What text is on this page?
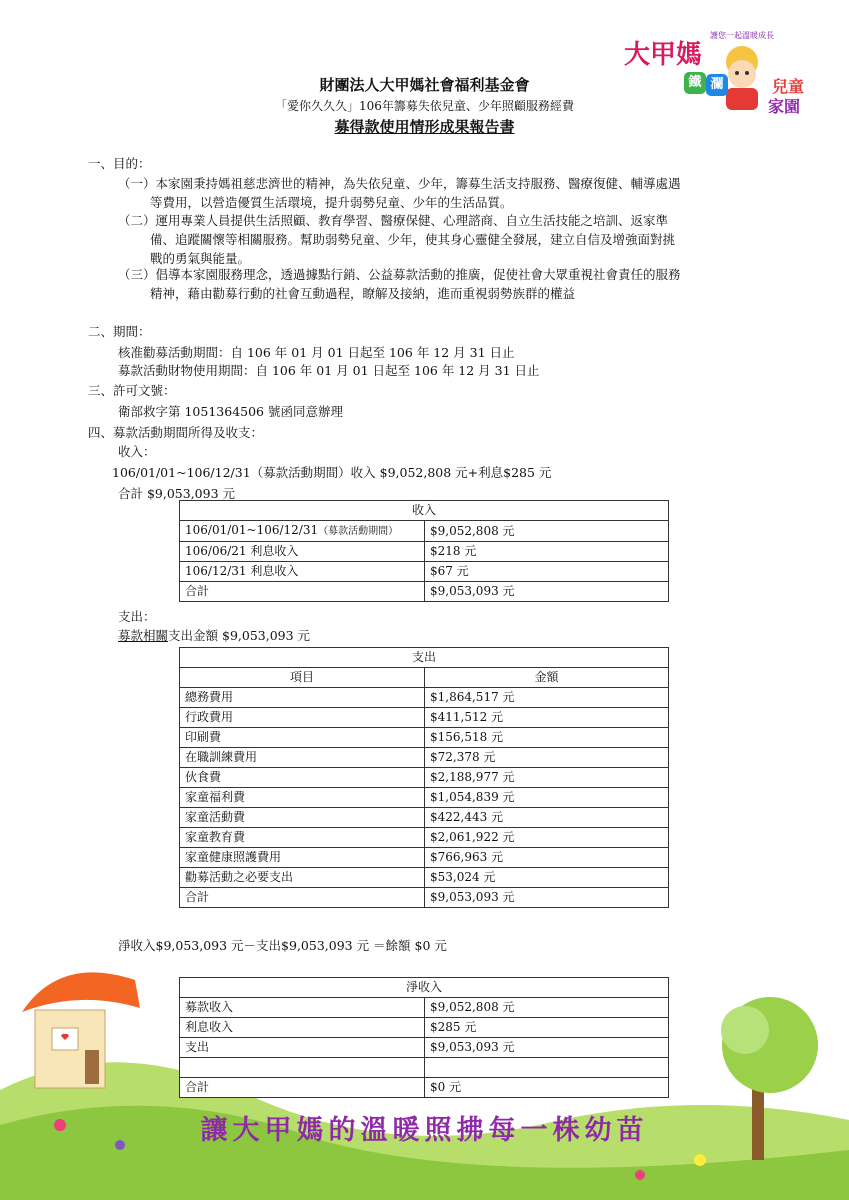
大甲媽
護您一起溫暖成長
鐵 瀾	兒童
家園
財團法人大甲媽社會福利基金會
「愛你久久久」106年籌募失依兒童、少年照顧服務經費
募得款使用情形成果報告書
一、目的：
（一）本家園秉持媽祖慈悲濟世的精神，為失依兒童、少年，籌募生活支持服務、醫療復健、輔導處遇
等費用，以營造優質生活環境，提升弱勢兒童、少年的生活品質。
（二）運用專業人員提供生活照顧、教育學習、醫療保健、心理諮商、自立生活技能之培訓、返家準
備、追蹤關懷等相關服務。幫助弱勢兒童、少年，使其身心靈健全發展，建立自信及增強面對挑
戰的勇氣與能量。
（三）倡導本家園服務理念，透過據點行銷、公益募款活動的推廣，促使社會大眾重視社會責任的服務
精神，藉由勸募行動的社會互動過程，瞭解及接納，進而重視弱勢族群的權益
二、期間：
核准勸募活動期間：自 106 年 01 月 01 日起至 106 年 12 月 31 日止
募款活動財物使用期間：自 106 年 01 月 01 日起至 106 年 12 月 31 日止
三、許可文號：
衛部救字第 1051364506 號函同意辦理
四、募款活動期間所得及收支：
收入：
106/01/01~106/12/31（募款活動期間）收入 $9,052,808 元+利息$285 元
合計 $9,053,093 元
收入	
106/01/01~106/12/31（募款活動期間）	$9,052,808 元
106/06/21 利息收入	$218 元
106/12/31 利息收入	$67 元
合計	$9,053,093 元
支出：
募款相關支出金額 $9,053,093 元
支出	
項目	金額
總務費用	$1,864,517 元
行政費用	$411,512 元
印刷費	$156,518 元
在職訓練費用	$72,378 元
伙食費	$2,188,977 元
家童福利費	$1,054,839 元
家童活動費	$422,443 元
家童教育費	$2,061,922 元
家童健康照護費用	$766,963 元
勸募活動之必要支出	$53,024 元
合計	$9,053,093 元
淨收入$9,053,093 元－支出$9,053,093 元 ＝餘額 $0 元
淨收入	
募款收入	$9,052,808 元
利息收入	$285 元
支出	$9,053,093 元

合計	$0 元
讓大甲媽的溫暖照拂每一株幼苗
